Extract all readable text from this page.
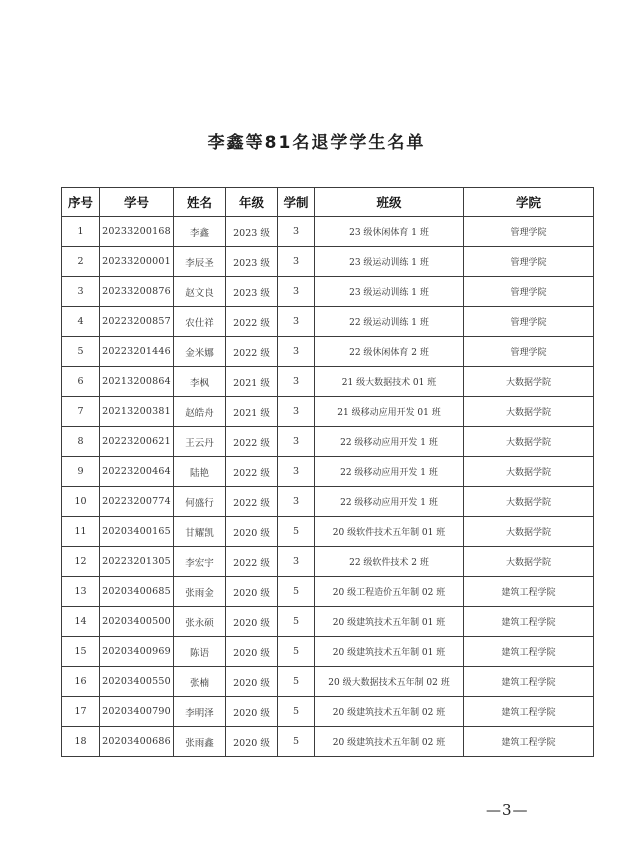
李鑫等81名退学学生名单
序号	学号	姓名	年级	学制	班级	学院
1	20233200168	李鑫	2023 级	3	23 级休闲体育 1 班	管理学院
2	20233200001	李辰圣	2023 级	3	23 级运动训练 1 班	管理学院
3	20233200876	赵文良	2023 级	3	23 级运动训练 1 班	管理学院
4	20223200857	农仕祥	2022 级	3	22 级运动训练 1 班	管理学院
5	20223201446	金米娜	2022 级	3	22 级休闲体育 2 班	管理学院
6	20213200864	李枫	2021 级	3	21 级大数据技术 01 班	大数据学院
7	20213200381	赵皓舟	2021 级	3	21 级移动应用开发 01 班	大数据学院
8	20223200621	王云丹	2022 级	3	22 级移动应用开发 1 班	大数据学院
9	20223200464	陆艳	2022 级	3	22 级移动应用开发 1 班	大数据学院
10	20223200774	何盛行	2022 级	3	22 级移动应用开发 1 班	大数据学院
11	20203400165	甘耀凯	2020 级	5	20 级软件技术五年制 01 班	大数据学院
12	20223201305	李宏宇	2022 级	3	22 级软件技术 2 班	大数据学院
13	20203400685	张雨金	2020 级	5	20 级工程造价五年制 02 班	建筑工程学院
14	20203400500	张永硕	2020 级	5	20 级建筑技术五年制 01 班	建筑工程学院
15	20203400969	陈语	2020 级	5	20 级建筑技术五年制 01 班	建筑工程学院
16	20203400550	张楠	2020 级	5	20 级大数据技术五年制 02 班	建筑工程学院
17	20203400790	李明泽	2020 级	5	20 级建筑技术五年制 02 班	建筑工程学院
18	20203400686	张雨鑫	2020 级	5	20 级建筑技术五年制 02 班	建筑工程学院
—3—
